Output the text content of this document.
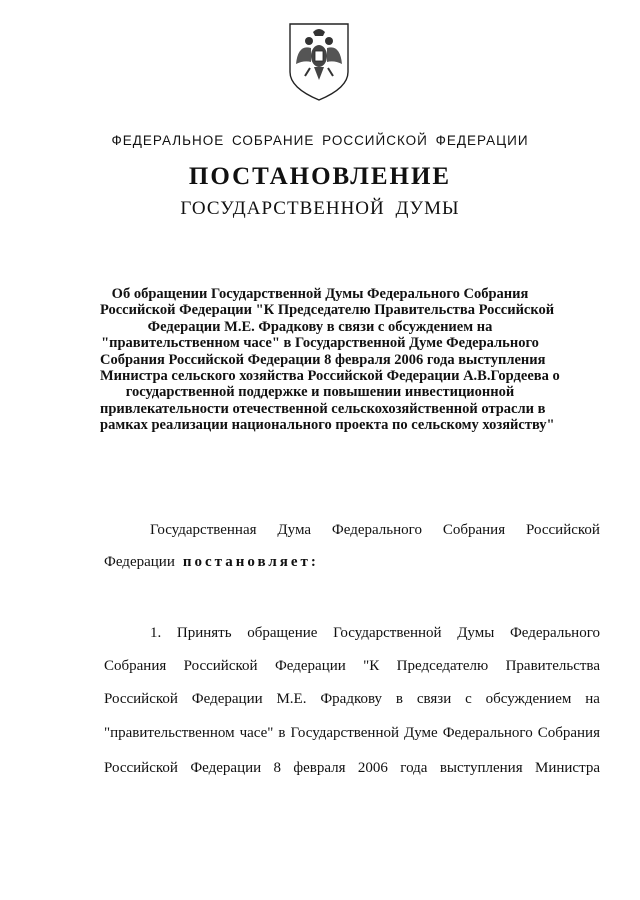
ФЕДЕРАЛЬНОЕ СОБРАНИЕ РОССИЙСКОЙ ФЕДЕРАЦИИ
ПОСТАНОВЛЕНИЕ
ГОСУДАРСТВЕННОЙ ДУМЫ
Об обращении Государственной Думы Федерального Собрания
Российской Федерации "К Председателю Правительства Российской
Федерации М.Е. Фрадкову в связи с обсуждением на
"правительственном часе" в Государственной Думе Федерального
Собрания Российской Федерации 8 февраля 2006 года выступления
Министра сельского хозяйства Российской Федерации А.В.Гордеева о
государственной поддержке и повышении инвестиционной
привлекательности отечественной сельскохозяйственной отрасли в
рамках реализации национального проекта по сельскому хозяйству"
Государственная Дума Федерального Собрания Российской
Федерации постановляет:
1. Принять обращение Государственной Думы Федерального
Собрания Российской Федерации "К Председателю Правительства
Российской Федерации М.Е. Фрадкову в связи с обсуждением на
"правительственном часе" в Государственной Думе Федерального Собрания
Российской Федерации 8 февраля 2006 года выступления Министра
